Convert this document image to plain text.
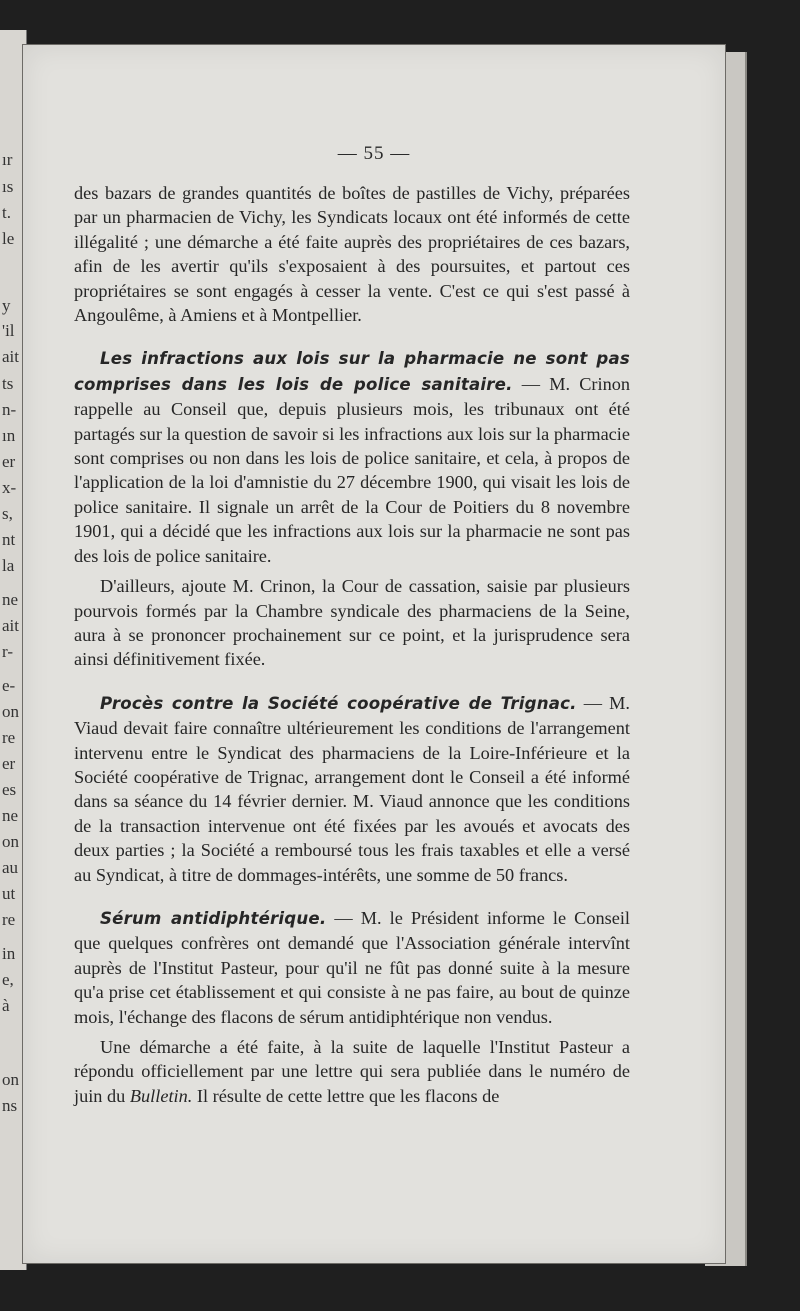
ır
ıs
t.
le
y
'il
ait
ts
n-
ın
er
x-
s,
nt
la
ne
ait
r-
e-
on
re
er
es
ne
on
au
ut
re
in
e,
à
on
ns
— 55 —

des bazars de grandes quantités de boîtes de pastilles de Vichy, préparées par un pharmacien de Vichy, les Syndicats locaux ont été informés de cette illégalité ; une démarche a été faite auprès des propriétaires de ces bazars, afin de les avertir qu'ils s'exposaient à des poursuites, et partout ces propriétaires se sont engagés à cesser la vente. C'est ce qui s'est passé à Angoulême, à Amiens et à Montpellier.

Les infractions aux lois sur la pharmacie ne sont pas comprises dans les lois de police sanitaire. — M. Crinon rappelle au Conseil que, depuis plusieurs mois, les tribunaux ont été partagés sur la question de savoir si les infractions aux lois sur la pharmacie sont comprises ou non dans les lois de police sanitaire, et cela, à propos de l'application de la loi d'amnistie du 27 décembre 1900, qui visait les lois de police sanitaire. Il signale un arrêt de la Cour de Poitiers du 8 novembre 1901, qui a décidé que les infractions aux lois sur la pharmacie ne sont pas des lois de police sanitaire.

D'ailleurs, ajoute M. Crinon, la Cour de cassation, saisie par plusieurs pourvois formés par la Chambre syndicale des pharmaciens de la Seine, aura à se prononcer prochainement sur ce point, et la jurisprudence sera ainsi définitivement fixée.

Procès contre la Société coopérative de Trignac. — M. Viaud devait faire connaître ultérieurement les conditions de l'arrangement intervenu entre le Syndicat des pharmaciens de la Loire-Inférieure et la Société coopérative de Trignac, arrangement dont le Conseil a été informé dans sa séance du 14 février dernier. M. Viaud annonce que les conditions de la transaction intervenue ont été fixées par les avoués et avocats des deux parties ; la Société a remboursé tous les frais taxables et elle a versé au Syndicat, à titre de dommages-intérêts, une somme de 50 francs.

Sérum antidiphtérique. — M. le Président informe le Conseil que quelques confrères ont demandé que l'Association générale intervînt auprès de l'Institut Pasteur, pour qu'il ne fût pas donné suite à la mesure qu'a prise cet établissement et qui consiste à ne pas faire, au bout de quinze mois, l'échange des flacons de sérum antidiphtérique non vendus.

Une démarche a été faite, à la suite de laquelle l'Institut Pasteur a répondu officiellement par une lettre qui sera publiée dans le numéro de juin du Bulletin. Il résulte de cette lettre que les flacons de
